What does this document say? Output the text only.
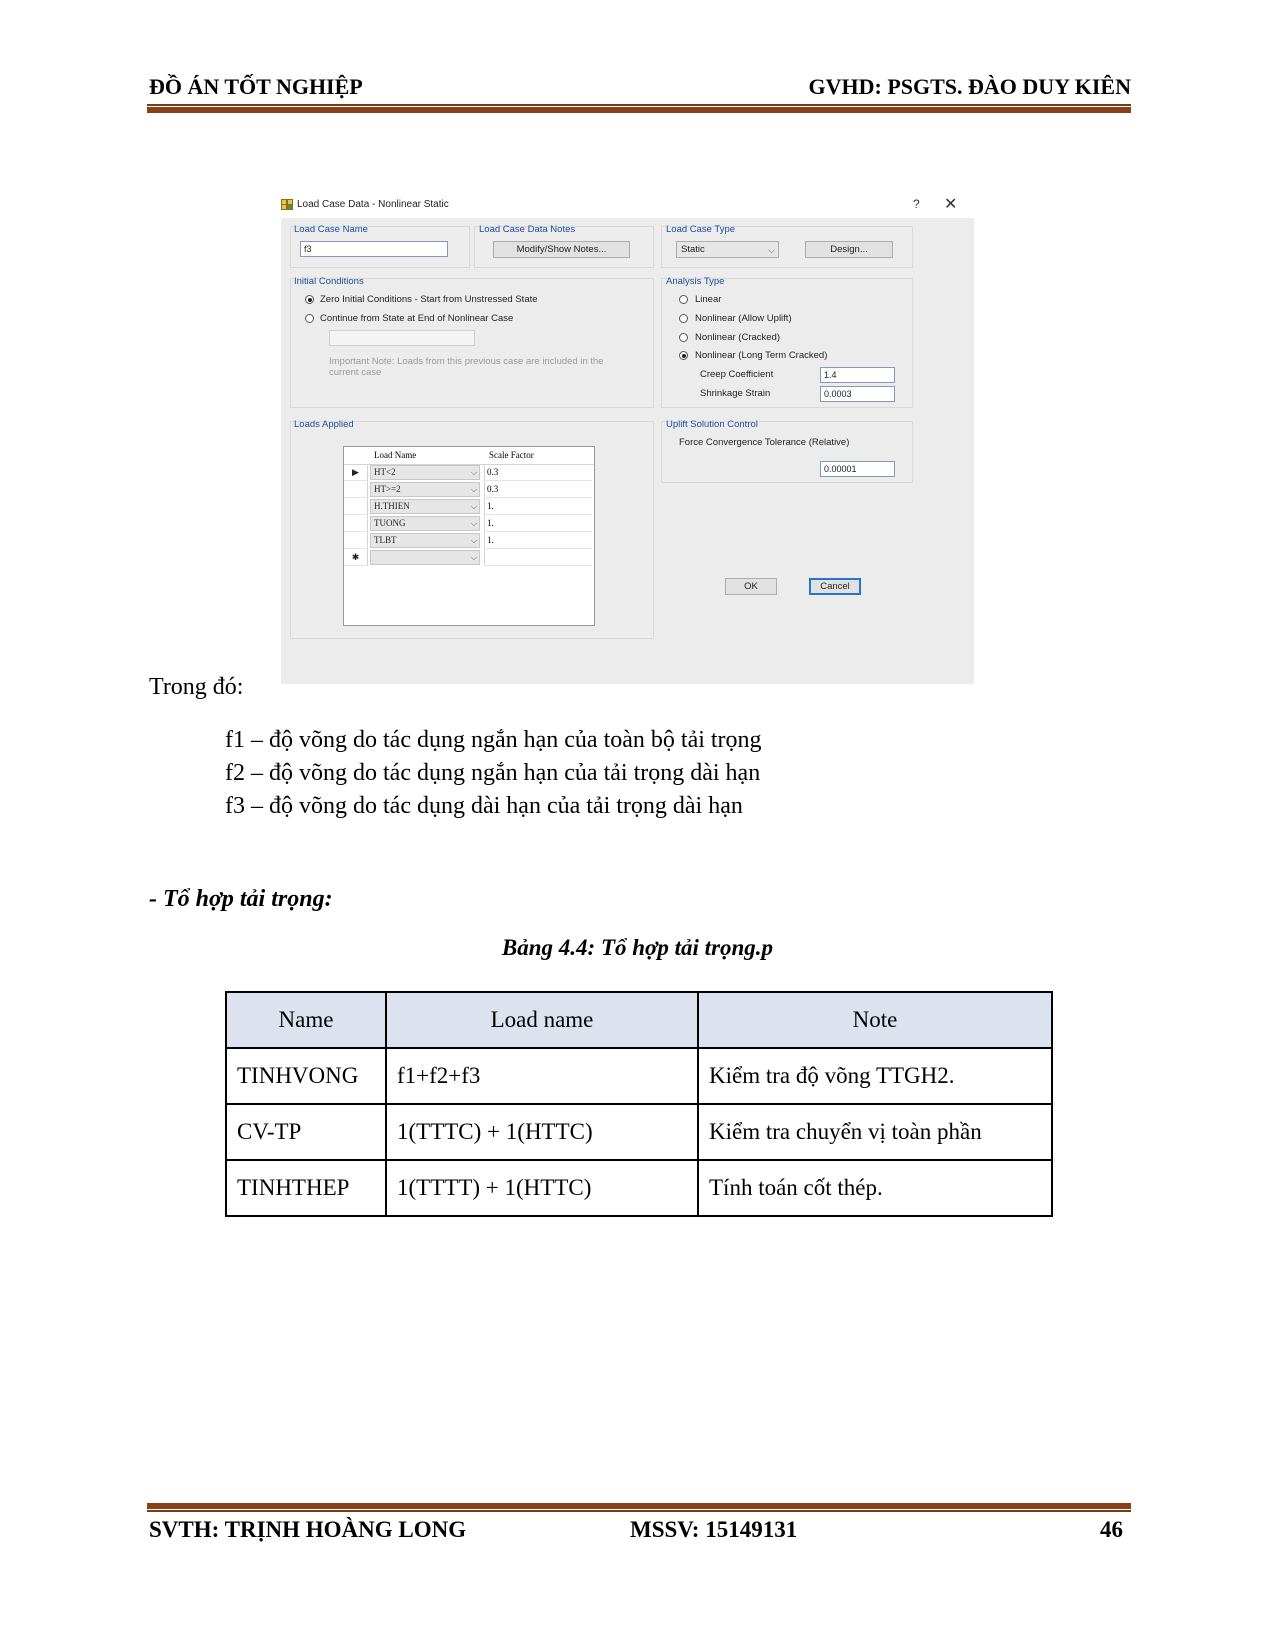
ĐỒ ÁN TỐT NGHIỆP	GVHD: PSGTS. ĐÀO DUY KIÊN
Load Case Data - Nonlinear Static	? ✕
Load Case Name
f3
Load Case Data Notes
Modify/Show Notes...
Load Case Type
Static	⌵	Design...
Initial Conditions
Zero Initial Conditions - Start from Unstressed State
Continue from State at End of Nonlinear Case
Important Note: Loads from this previous case are included in the current case
Analysis Type
Linear
Nonlinear (Allow Uplift)
Nonlinear (Cracked)
Nonlinear (Long Term Cracked)
Creep Coefficient	1.4
Shrinkage Strain	0.0003
Loads Applied	Uplift Solution Control
Force Convergence Tolerance (Relative)
0.00001
OK	Cancel
Load Name	Scale Factor
▶	HT<2	⌵	0.3
HT>=2	⌵	0.3
H.THIEN	⌵	1.
TUONG	⌵	1.
TLBT	⌵	1.
✱	⌵
Trong đó:
f1 – độ võng do tác dụng ngắn hạn của toàn bộ tải trọng
f2 – độ võng do tác dụng ngắn hạn của tải trọng dài hạn
f3 – độ võng do tác dụng dài hạn của tải trọng dài hạn
- Tổ hợp tải trọng:
Bảng 4.4: Tổ hợp tải trọng.p
Name	Load name	Note
TINHVONG	f1+f2+f3	Kiểm tra độ võng TTGH2.
CV-TP	1(TTTC) + 1(HTTC)	Kiểm tra chuyển vị toàn phần
TINHTHEP	1(TTTT) + 1(HTTC)	Tính toán cốt thép.
SVTH: TRỊNH HOÀNG LONG	MSSV: 15149131	46
